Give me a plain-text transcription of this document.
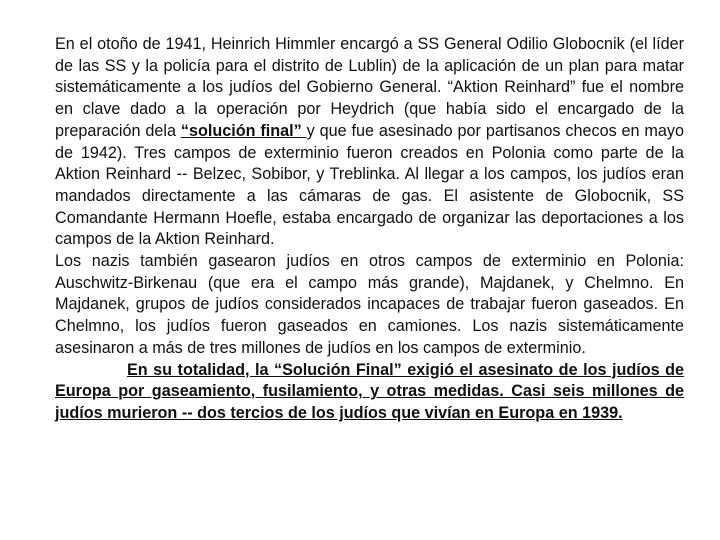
En el otoño de 1941, Heinrich Himmler encargó a SS General Odilio Globocnik (el líder de las SS y la policía para el distrito de Lublin) de la aplicación de un plan para matar sistemáticamente a los judíos del Gobierno General. “Aktion Reinhard” fue el nombre en clave dado a la operación por Heydrich (que había sido el encargado de la preparación dela “solución final” y que fue asesinado por partisanos checos en mayo de 1942). Tres campos de exterminio fueron creados en Polonia como parte de la Aktion Reinhard -- Belzec, Sobibor, y Treblinka. Al llegar a los campos, los judíos eran mandados directamente a las cámaras de gas. El asistente de Globocnik, SS Comandante Hermann Hoefle, estaba encargado de organizar las deportaciones a los campos de la Aktion Reinhard.

Los nazis también gasearon judíos en otros campos de exterminio en Polonia: Auschwitz-Birkenau (que era el campo más grande), Majdanek, y Chelmno. En Majdanek, grupos de judíos considerados incapaces de trabajar fueron gaseados. En Chelmno, los judíos fueron gaseados en camiones. Los nazis sistemáticamente asesinaron a más de tres millones de judíos en los campos de exterminio.

En su totalidad, la “Solución Final” exigió el asesinato de los judíos de Europa por gaseamiento, fusilamiento, y otras medidas. Casi seis millones de judíos murieron -- dos tercios de los judíos que vivían en Europa en 1939.
